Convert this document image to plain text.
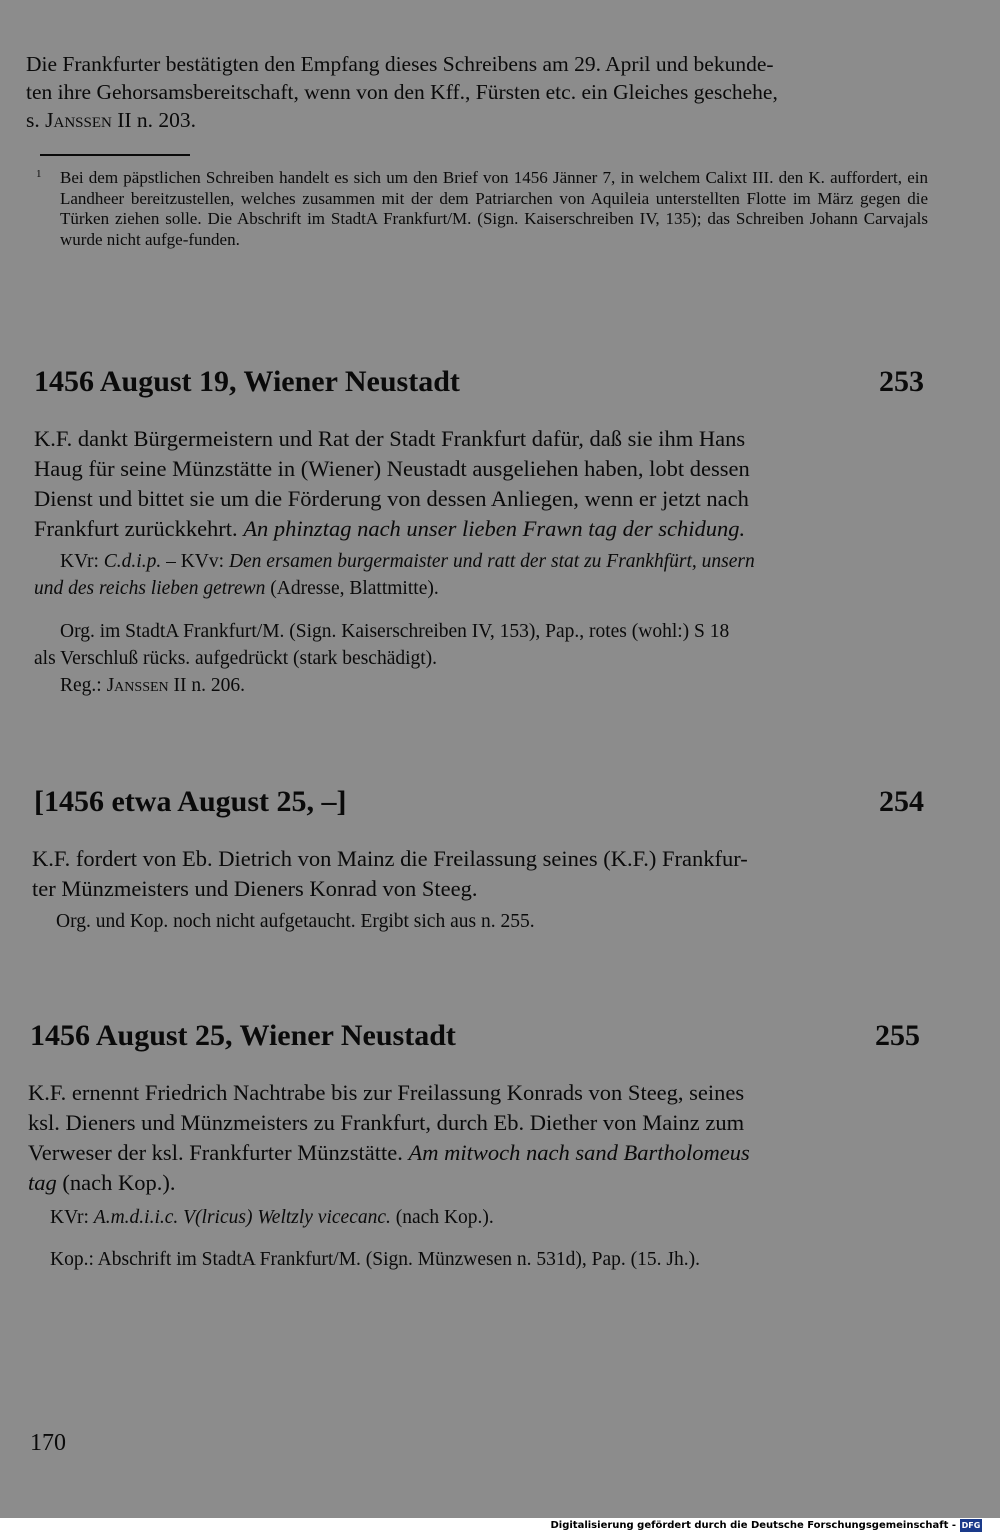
Die Frankfurter bestätigten den Empfang dieses Schreibens am 29. April und bekunde-
ten ihre Gehorsamsbereitschaft, wenn von den Kff., Fürsten etc. ein Gleiches geschehe,
s. Janssen II n. 203.

1	Bei dem päpstlichen Schreiben handelt es sich um den Brief von 1456 Jänner 7, in welchem Calixt III. den K. auffordert, ein Landheer bereitzustellen, welches zusammen mit der dem Patriarchen von Aquileia unterstellten Flotte im März gegen die Türken ziehen solle. Die Abschrift im StadtA Frankfurt/M. (Sign. Kaiserschreiben IV, 135); das Schreiben Johann Carvajals wurde nicht aufge-funden.
1456 August 19, Wiener Neustadt	253

K.F. dankt Bürgermeistern und Rat der Stadt Frankfurt dafür, daß sie ihm Hans
Haug für seine Münzstätte in (Wiener) Neustadt ausgeliehen haben, lobt dessen
Dienst und bittet sie um die Förderung von dessen Anliegen, wenn er jetzt nach
Frankfurt zurückkehrt. An phinztag nach unser lieben Frawn tag der schidung.

KVr: C.d.i.p. – KVv: Den ersamen burgermaister und ratt der stat zu Frankhfürt, unsern
und des reichs lieben getrewn (Adresse, Blattmitte).

Org. im StadtA Frankfurt/M. (Sign. Kaiserschreiben IV, 153), Pap., rotes (wohl:) S 18
als Verschluß rücks. aufgedrückt (stark beschädigt).
Reg.: Janssen II n. 206.

[1456 etwa August 25, –]	254

K.F. fordert von Eb. Dietrich von Mainz die Freilassung seines (K.F.) Frankfur-
ter Münzmeisters und Dieners Konrad von Steeg.

Org. und Kop. noch nicht aufgetaucht. Ergibt sich aus n. 255.

1456 August 25, Wiener Neustadt	255

K.F. ernennt Friedrich Nachtrabe bis zur Freilassung Konrads von Steeg, seines
ksl. Dieners und Münzmeisters zu Frankfurt, durch Eb. Diether von Mainz zum
Verweser der ksl. Frankfurter Münzstätte. Am mitwoch nach sand Bartholomeus
tag (nach Kop.).

KVr: A.m.d.i.i.c. V(lricus) Weltzly vicecanc. (nach Kop.).

Kop.: Abschrift im StadtA Frankfurt/M. (Sign. Münzwesen n. 531d), Pap. (15. Jh.).

170
Digitalisierung gefördert durch die Deutsche Forschungsgemeinschaft - DFG
